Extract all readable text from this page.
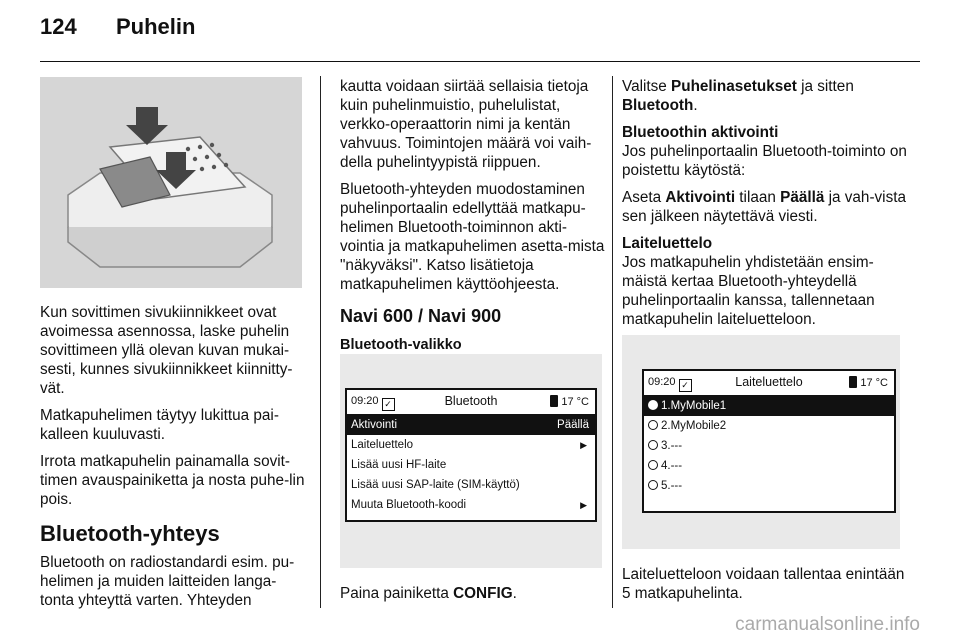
124 Puhelin

Kun sovittimen sivukiinnikkeet ovat avoimessa asennossa, laske puhelin sovittimeen yllä olevan kuvan mukai-sesti, kunnes sivukiinnikkeet kiinnitty-vät.

Matkapuhelimen täytyy lukittua pai-kalleen kuuluvasti.

Irrota matkapuhelin painamalla sovit-timen avauspainiketta ja nosta puhe-lin pois.

Bluetooth-yhteys

Bluetooth on radiostandardi esim. pu-helimen ja muiden laitteiden langa-tonta yhteyttä varten. Yhteyden

kautta voidaan siirtää sellaisia tietoja kuin puhelinmuistio, puhelulistat, verkko-operaattorin nimi ja kentän vahvuus. Toimintojen määrä voi vaih-della puhelintyypistä riippuen.

Bluetooth-yhteyden muodostaminen puhelinportaalin edellyttää matkapu-helimen Bluetooth-toiminnon akti-vointia ja matkapuhelimen asetta-mista "näkyväksi". Katso lisätietoja matkapuhelimen käyttöohjeesta.

Navi 600 / Navi 900
Bluetooth-valikko
09:20 ✓	Bluetooth	17 °C
Aktivointi	Päällä
Laiteluettelo	▶
Lisää uusi HF-laite
Lisää uusi SAP-laite (SIM-käyttö)
Muuta Bluetooth-koodi	▶

Paina painiketta CONFIG.

Valitse Puhelinasetukset ja sitten Bluetooth.

Bluetoothin aktivointi

Jos puhelinportaalin Bluetooth-toiminto on poistettu käytöstä:

Aseta Aktivointi tilaan Päällä ja vah-vista sen jälkeen näytettävä viesti.

Laiteluettelo

Jos matkapuhelin yhdistetään ensim-mäistä kertaa Bluetooth-yhteydellä puhelinportaalin kanssa, tallennetaan matkapuhelin laiteluetteloon.

09:20 ✓	Laiteluettelo	17 °C
1.MyMobile1
2.MyMobile2
3.---
4.---
5.---

Laiteluetteloon voidaan tallentaa enintään 5 matkapuhelinta.

carmanualsonline.info
